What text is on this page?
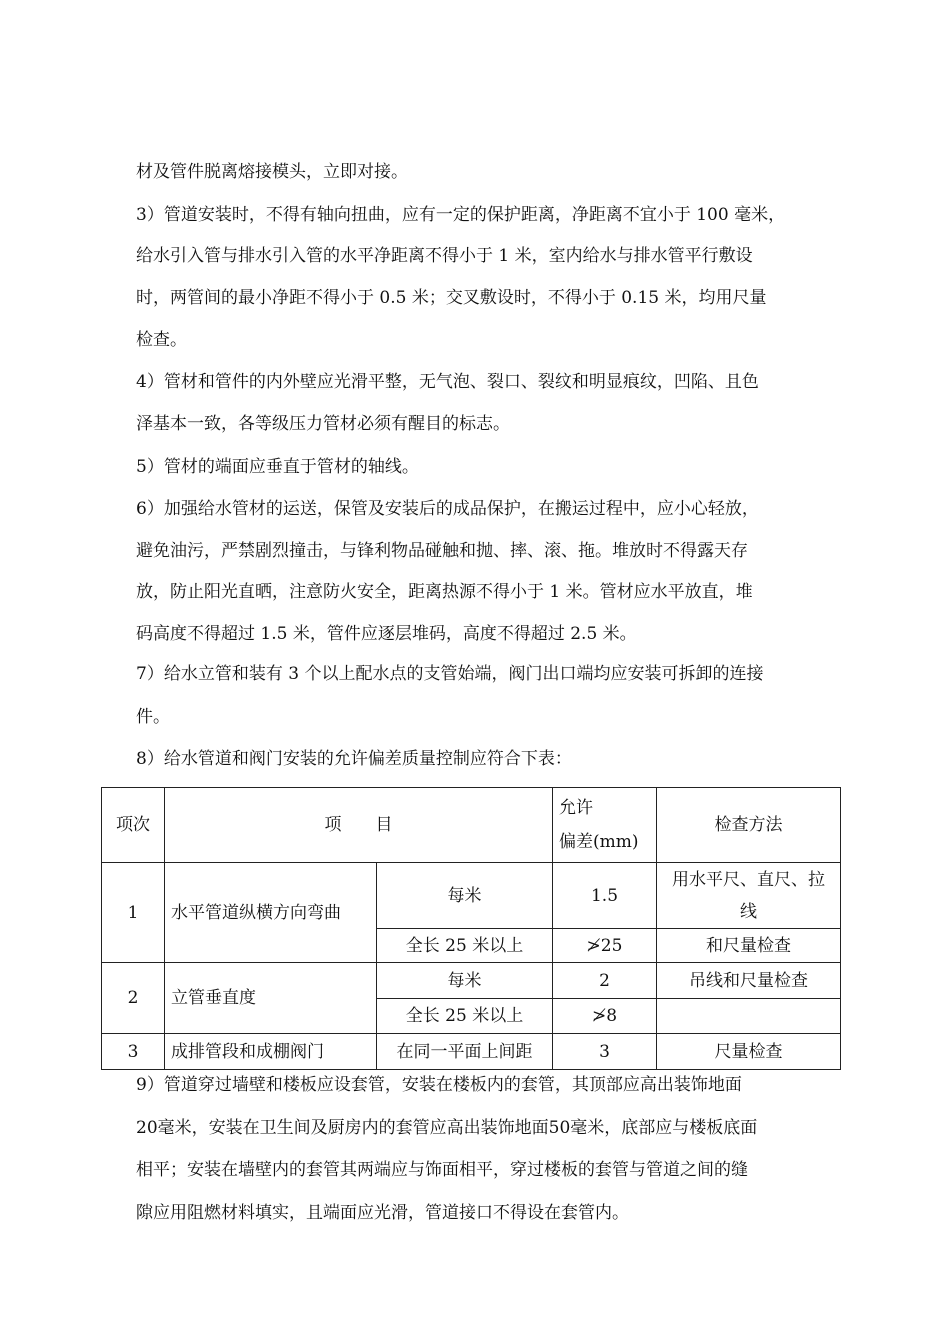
材及管件脱离熔接模头，立即对接。
3）管道安装时，不得有轴向扭曲，应有一定的保护距离，净距离不宜小于 100 毫米，
给水引入管与排水引入管的水平净距离不得小于 1 米，室内给水与排水管平行敷设
时，两管间的最小净距不得小于 0.5 米；交叉敷设时，不得小于 0.15 米，均用尺量
检查。
4）管材和管件的内外壁应光滑平整，无气泡、裂口、裂纹和明显痕纹，凹陷、且色
泽基本一致，各等级压力管材必须有醒目的标志。
5）管材的端面应垂直于管材的轴线。
6）加强给水管材的运送，保管及安装后的成品保护，在搬运过程中，应小心轻放，
避免油污，严禁剧烈撞击，与锋利物品碰触和抛、摔、滚、拖。堆放时不得露天存
放，防止阳光直晒，注意防火安全，距离热源不得小于 1 米。管材应水平放直，堆
码高度不得超过 1.5 米，管件应逐层堆码，高度不得超过 2.5 米。
7）给水立管和装有 3 个以上配水点的支管始端，阀门出口端均应安装可拆卸的连接
件。
8）给水管道和阀门安装的允许偏差质量控制应符合下表：
项次	项　　目		允许
偏差(mm)	检查方法
1	水平管道纵横方向弯曲	每米	1.5	用水平尺、直尺、拉
线

		全长 25 米以上	≯25	和尺量检查
2	立管垂直度	每米	2	吊线和尺量检查
		全长 25 米以上	≯8	
3	成排管段和成棚阀门	在同一平面上间距	3	尺量检查
9）管道穿过墙壁和楼板应设套管，安装在楼板内的套管，其顶部应高出装饰地面
20毫米，安装在卫生间及厨房内的套管应高出装饰地面50毫米，底部应与楼板底面
相平；安装在墙壁内的套管其两端应与饰面相平，穿过楼板的套管与管道之间的缝
隙应用阻燃材料填实，且端面应光滑，管道接口不得设在套管内。
